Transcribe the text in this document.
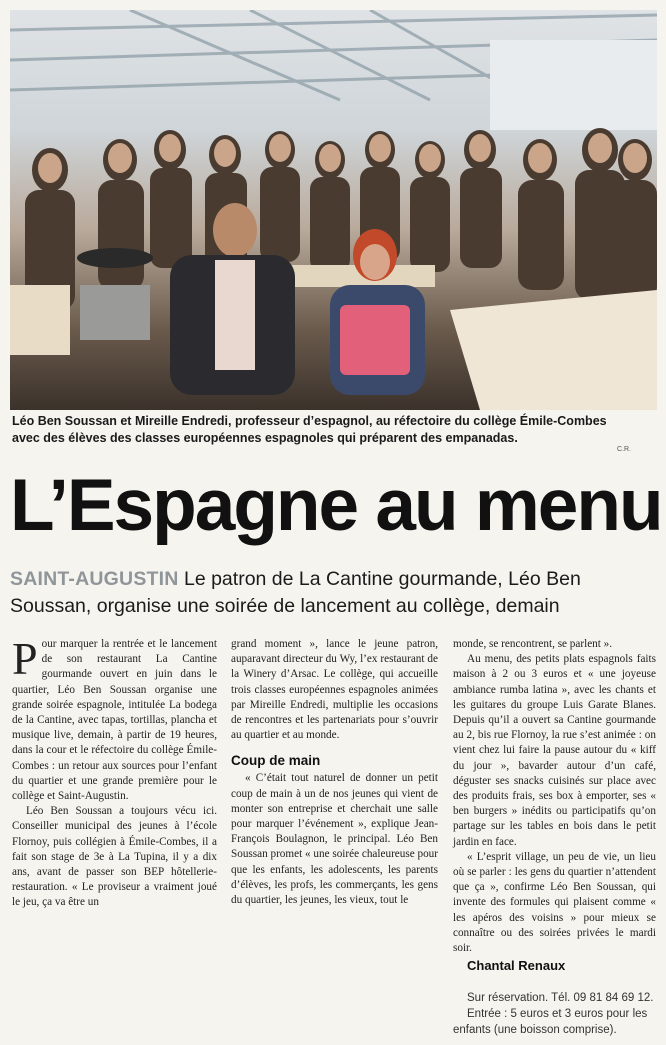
Léo Ben Soussan et Mireille Endredi, professeur d’espagnol, au réfectoire du collège Émile-Combes avec des élèves des classes européennes espagnoles qui préparent des empanadas.

C.R.
L’Espagne au menu

SAINT-AUGUSTIN Le patron de La Cantine gourmande, Léo Ben Soussan, organise une soirée de lancement au collège, demain

Pour marquer la rentrée et le lancement de son restaurant La Cantine gourmande ouvert en juin dans le quartier, Léo Ben Soussan organise une grande soirée espagnole, intitulée La bodega de la Cantine, avec tapas, tortillas, plancha et musique live, demain, à partir de 19 heures, dans la cour et le réfectoire du collège Émile-Combes : un retour aux sources pour l’enfant du quartier et une grande première pour le collège et Saint-Augustin.

Léo Ben Soussan a toujours vécu ici. Conseiller municipal des jeunes à l’école Flornoy, puis collégien à Émile-Combes, il a fait son stage de 3e à La Tupina, il y a dix ans, avant de passer son BEP hôtellerie-restauration. « Le proviseur a vraiment joué le jeu, ça va être un

grand moment », lance le jeune patron, auparavant directeur du Wy, l’ex restaurant de la Winery d’Arsac. Le collège, qui accueille trois classes européennes espagnoles animées par Mireille Endredi, multiplie les occasions de rencontres et les partenariats pour s’ouvrir au quartier et au monde.

Coup de main

« C’était tout naturel de donner un petit coup de main à un de nos jeunes qui vient de monter son entreprise et cherchait une salle pour marquer l’événement », explique Jean-François Boulagnon, le principal. Léo Ben Soussan promet « une soirée chaleureuse pour que les enfants, les adolescents, les parents d’élèves, les profs, les commerçants, les gens du quartier, les jeunes, les vieux, tout le

monde, se rencontrent, se parlent ».

Au menu, des petits plats espagnols faits maison à 2 ou 3 euros et « une joyeuse ambiance rumba latina », avec les chants et les guitares du groupe Luis Garate Blanes. Depuis qu’il a ouvert sa Cantine gourmande au 2, bis rue Flornoy, la rue s’est animée : on vient chez lui faire la pause autour du « kiff du jour », bavarder autour d’un café, déguster ses snacks cuisinés sur place avec des produits frais, ses box à emporter, ses « ben burgers » inédits ou participatifs qu’on partage sur les tables en bois dans le petit jardin en face.

« L’esprit village, un peu de vie, un lieu où se parler : les gens du quartier n’attendent que ça », confirme Léo Ben Soussan, qui invente des formules qui plaisent comme « les apéros des voisins » pour mieux se connaître ou des soirées privées le mardi soir.

Chantal Renaux

Sur réservation. Tél. 09 81 84 69 12.

Entrée : 5 euros et 3 euros pour les enfants (une boisson comprise).
